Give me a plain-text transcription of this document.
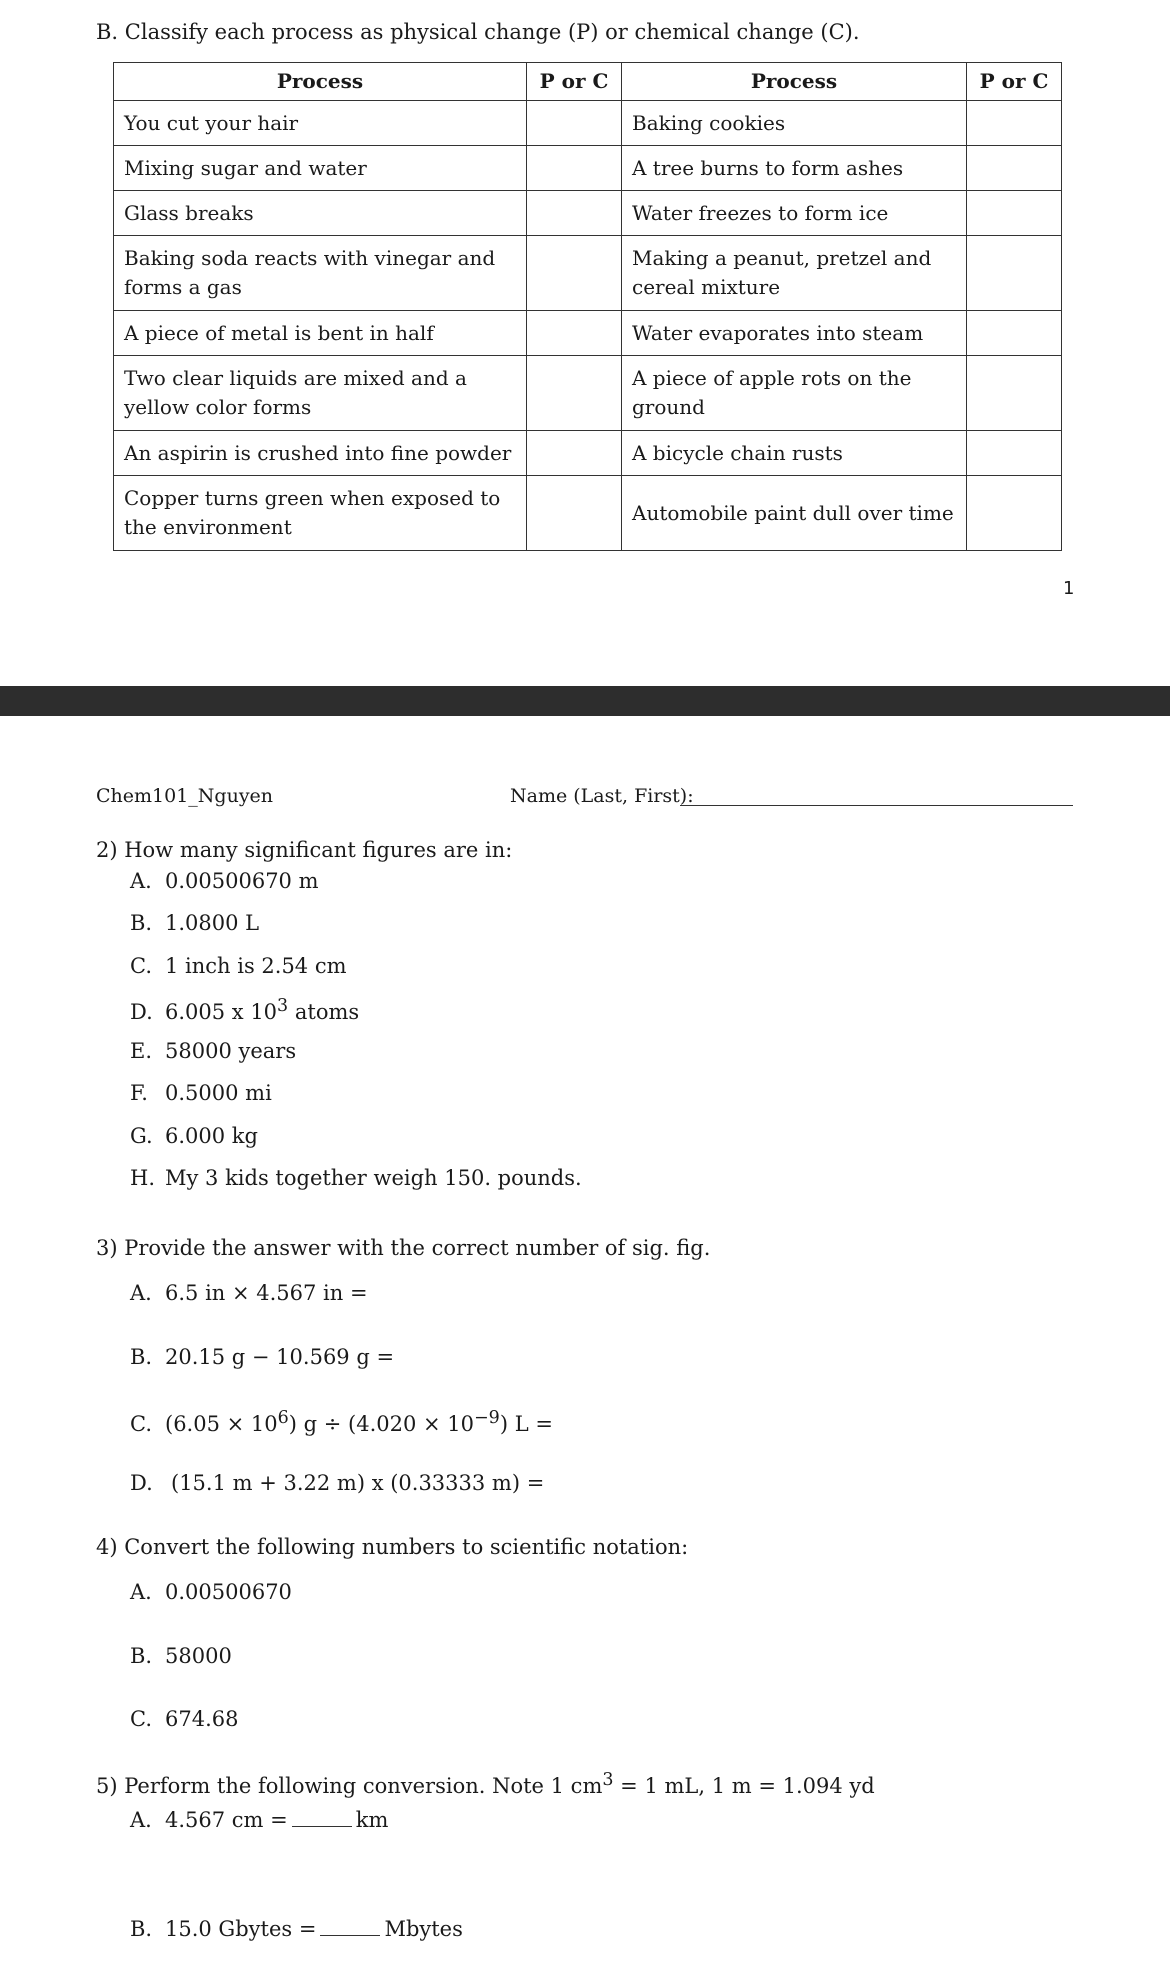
B. Classify each process as physical change (P) or chemical change (C).
Process	P or C	Process	P or C
You cut your hair		Baking cookies	
Mixing sugar and water		A tree burns to form ashes	
Glass breaks		Water freezes to form ice	
Baking soda reacts with vinegar and forms a gas		Making a peanut, pretzel and cereal mixture	
A piece of metal is bent in half		Water evaporates into steam	
Two clear liquids are mixed and a yellow color forms		A piece of apple rots on the ground	
An aspirin is crushed into fine powder		A bicycle chain rusts	
Copper turns green when exposed to the environment		Automobile paint dull over time	
1
Chem101_Nguyen	Name (Last, First):
2) How many significant figures are in:
A. 0.00500670 m
B. 1.0800 L
C. 1 inch is 2.54 cm
D. 6.005 x $10^3$ atoms
E. 58000 years
F. 0.5000 mi
G. 6.000 kg
H. My 3 kids together weigh 150. pounds.
3) Provide the answer with the correct number of sig. fig.
A. 6.5 in × 4.567 in =
B. 20.15 g − 10.569 g =
C. $(6.05 \times 10^6)$ $g \div (4.020 \times 10^{-9})$ L =
D. (15.1 m + 3.22 m) x (0.33333 m) =
4) Convert the following numbers to scientific notation:
A. 0.00500670
B. 58000
C. 674.68
5) Perform the following conversion. Note 1 $cm^3 = 1$ mL, 1 m = 1.094 yd
A. 4.567 cm =	km
B. 15.0 Gbytes =	Mbytes
